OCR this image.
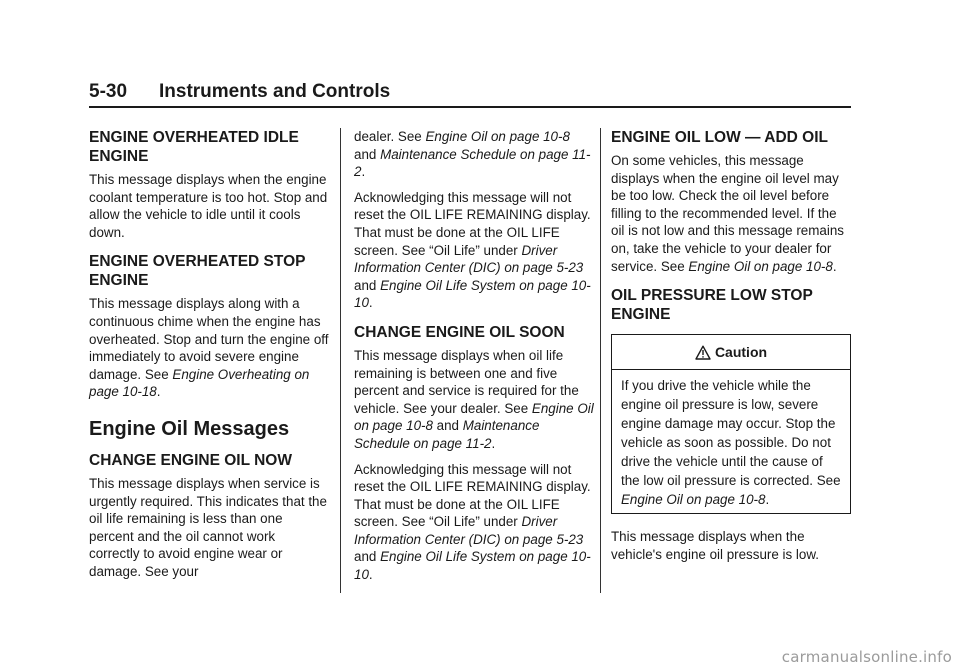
5-30 Instruments and Controls
ENGINE OVERHEATED IDLE ENGINE

This message displays when the engine coolant temperature is too hot. Stop and allow the vehicle to idle until it cools down.

ENGINE OVERHEATED STOP ENGINE

This message displays along with a continuous chime when the engine has overheated. Stop and turn the engine off immediately to avoid severe engine damage. See Engine Overheating on page 10-18.

Engine Oil Messages
CHANGE ENGINE OIL NOW

This message displays when service is urgently required. This indicates that the oil life remaining is less than one percent and the oil cannot work correctly to avoid engine wear or damage. See your

dealer. See Engine Oil on page 10-8 and Maintenance Schedule on page 11-2.

Acknowledging this message will not reset the OIL LIFE REMAINING display. That must be done at the OIL LIFE screen. See “Oil Life” under Driver Information Center (DIC) on page 5-23 and Engine Oil Life System on page 10-10.

CHANGE ENGINE OIL SOON

This message displays when oil life remaining is between one and five percent and service is required for the vehicle. See your dealer. See Engine Oil on page 10-8 and Maintenance Schedule on page 11-2.

Acknowledging this message will not reset the OIL LIFE REMAINING display. That must be done at the OIL LIFE screen. See “Oil Life” under Driver Information Center (DIC) on page 5-23 and Engine Oil Life System on page 10-10.

ENGINE OIL LOW — ADD OIL

On some vehicles, this message displays when the engine oil level may be too low. Check the oil level before filling to the recommended level. If the oil is not low and this message remains on, take the vehicle to your dealer for service. See Engine Oil on page 10-8.

OIL PRESSURE LOW STOP ENGINE
Caution

If you drive the vehicle while the engine oil pressure is low, severe engine damage may occur. Stop the vehicle as soon as possible. Do not drive the vehicle until the cause of the low oil pressure is corrected. See Engine Oil on page 10-8.

This message displays when the vehicle's engine oil pressure is low.

carmanualsonline.info
